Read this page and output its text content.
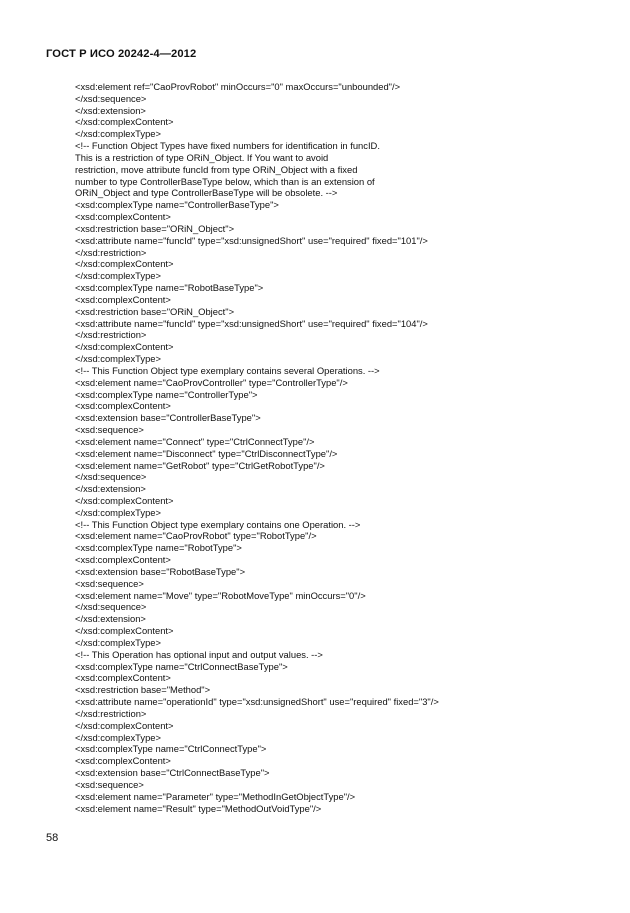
ГОСТ Р ИСО 20242-4—2012
<xsd:element ref="CaoProvRobot" minOccurs="0" maxOccurs="unbounded"/>
</xsd:sequence>
</xsd:extension>
</xsd:complexContent>
</xsd:complexType>
<!-- Function Object Types have fixed numbers for identification in funcID.
This is a restriction of type ORiN_Object. If You want to avoid
restriction, move attribute funcId from type ORiN_Object with a fixed
number to type ControllerBaseType below, which than is an extension of
ORiN_Object and type ControllerBaseType will be obsolete. -->
<xsd:complexType name="ControllerBaseType">
<xsd:complexContent>
<xsd:restriction base="ORiN_Object">
<xsd:attribute name="funcId" type="xsd:unsignedShort" use="required" fixed="101"/>
</xsd:restriction>
</xsd:complexContent>
</xsd:complexType>
<xsd:complexType name="RobotBaseType">
<xsd:complexContent>
<xsd:restriction base="ORiN_Object">
<xsd:attribute name="funcId" type="xsd:unsignedShort" use="required" fixed="104"/>
</xsd:restriction>
</xsd:complexContent>
</xsd:complexType>
<!-- This Function Object type exemplary contains several Operations. -->
<xsd:element name="CaoProvController" type="ControllerType"/>
<xsd:complexType name="ControllerType">
<xsd:complexContent>
<xsd:extension base="ControllerBaseType">
<xsd:sequence>
<xsd:element name="Connect" type="CtrlConnectType"/>
<xsd:element name="Disconnect" type="CtrlDisconnectType"/>
<xsd:element name="GetRobot" type="CtrlGetRobotType"/>
</xsd:sequence>
</xsd:extension>
</xsd:complexContent>
</xsd:complexType>
<!-- This Function Object type exemplary contains one Operation. -->
<xsd:element name="CaoProvRobot" type="RobotType"/>
<xsd:complexType name="RobotType">
<xsd:complexContent>
<xsd:extension base="RobotBaseType">
<xsd:sequence>
<xsd:element name="Move" type="RobotMoveType" minOccurs="0"/>
</xsd:sequence>
</xsd:extension>
</xsd:complexContent>
</xsd:complexType>
<!-- This Operation has optional input and output values. -->
<xsd:complexType name="CtrlConnectBaseType">
<xsd:complexContent>
<xsd:restriction base="Method">
<xsd:attribute name="operationId" type="xsd:unsignedShort" use="required" fixed="3"/>
</xsd:restriction>
</xsd:complexContent>
</xsd:complexType>
<xsd:complexType name="CtrlConnectType">
<xsd:complexContent>
<xsd:extension base="CtrlConnectBaseType">
<xsd:sequence>
<xsd:element name="Parameter" type="MethodInGetObjectType"/>
<xsd:element name="Result" type="MethodOutVoidType"/>
58
